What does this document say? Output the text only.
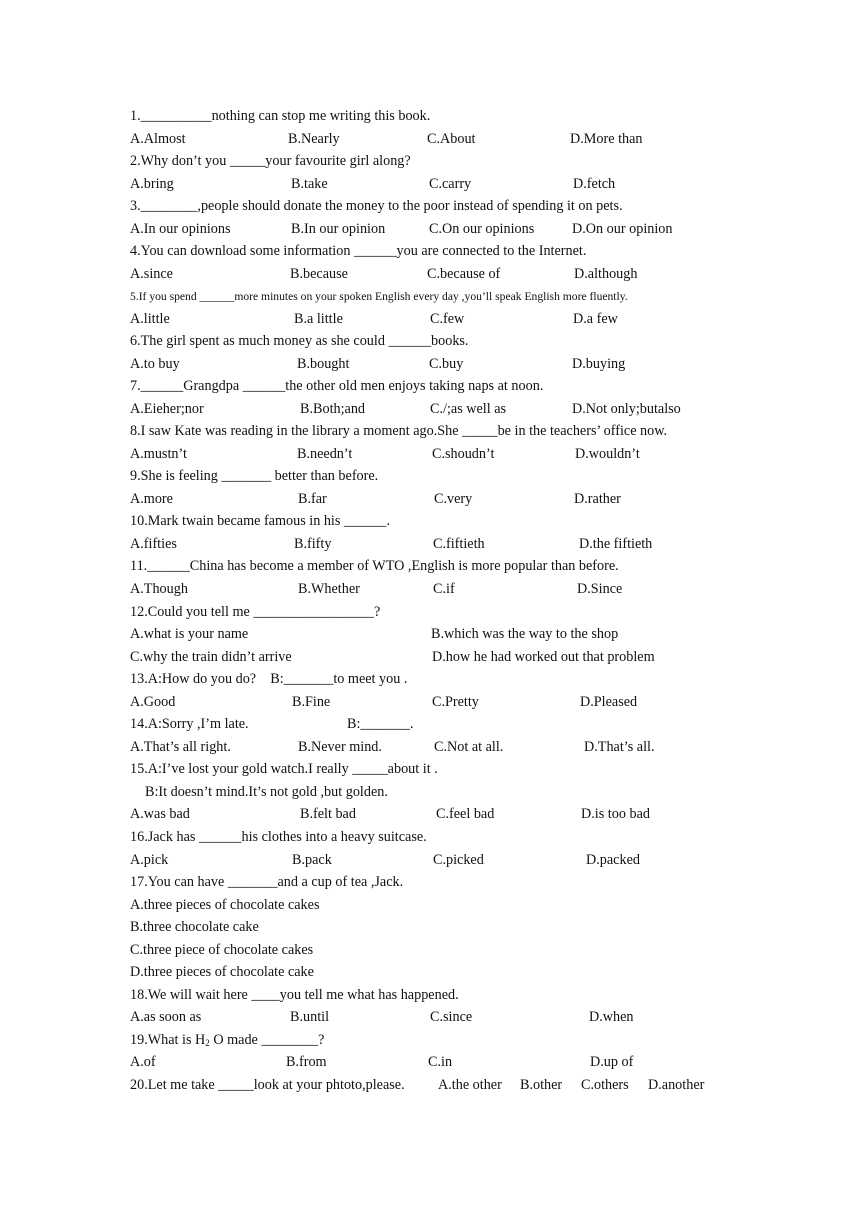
1.__________nothing can stop me writing this book.

A.Almost

	B.Nearly

	C.About

	D.More than

2.Why don’t you _____your favourite girl along?

A.bring

	B.take

	C.carry

	D.fetch

3.________,people should donate the money to the poor instead of spending it on pets.

A.In our opinions

	B.In our opinion

	C.On our opinions

	D.On our opinion

4.You can download some information ______you are connected to the Internet.

A.since

	B.because

	C.because of

	D.although

5.If you spend ______more minutes on your spoken English every day ,you’ll speak English more fluently.

A.little

	B.a little

	C.few

	D.a few

6.The girl spent as much money as she could ______books.

A.to buy

	B.bought

	C.buy

	D.buying

7.______Grangdpa ______the other old men enjoys taking naps at noon.

A.Eieher;nor

	B.Both;and

	C./;as well as

	D.Not only;butalso

8.I saw Kate was reading in the library a moment ago.She _____be in the teachers’ office now.

A.mustn’t

	B.needn’t

	C.shoudn’t

	D.wouldn’t

9.She is feeling _______ better than before.

A.more

	B.far

	C.very

	D.rather

10.Mark twain became famous in his ______.

A.fifties

	B.fifty

	C.fiftieth

	D.the fiftieth

11.______China has become a member of WTO ,English is more popular than before.

A.Though

	B.Whether

	C.if

	D.Since

12.Could you tell me _________________?

A.what is your name

	B.which was the way to the shop

C.why the train didn’t arrive

	D.how he had worked out that problem

13.A:How do you do?    B:_______to meet you .

A.Good

	B.Fine

	C.Pretty

	D.Pleased

14.A:Sorry ,I’m late.

	B:_______.

A.That’s all right.

	B.Never mind.

	C.Not at all.

	D.That’s all.

15.A:I’ve lost your gold watch.I really _____about it .
B:It doesn’t mind.It’s not gold ,but golden.

A.was bad

	B.felt bad

	C.feel bad

	D.is too bad

16.Jack has ______his clothes into a heavy suitcase.

A.pick

	B.pack

	C.picked

	D.packed

17.You can have _______and a cup of tea ,Jack.
A.three pieces of chocolate cakes
B.three chocolate cake
C.three piece of chocolate cakes
D.three pieces of chocolate cake
18.We will wait here ____you tell me what has happened.

A.as soon as

	B.until

	C.since

	D.when

19.What is $H_2$ O made ________?

A.of

	B.from

	C.in

	D.up of

20.Let me take _____look at your phtoto,please.

A.the other

B.other

C.others

D.another
